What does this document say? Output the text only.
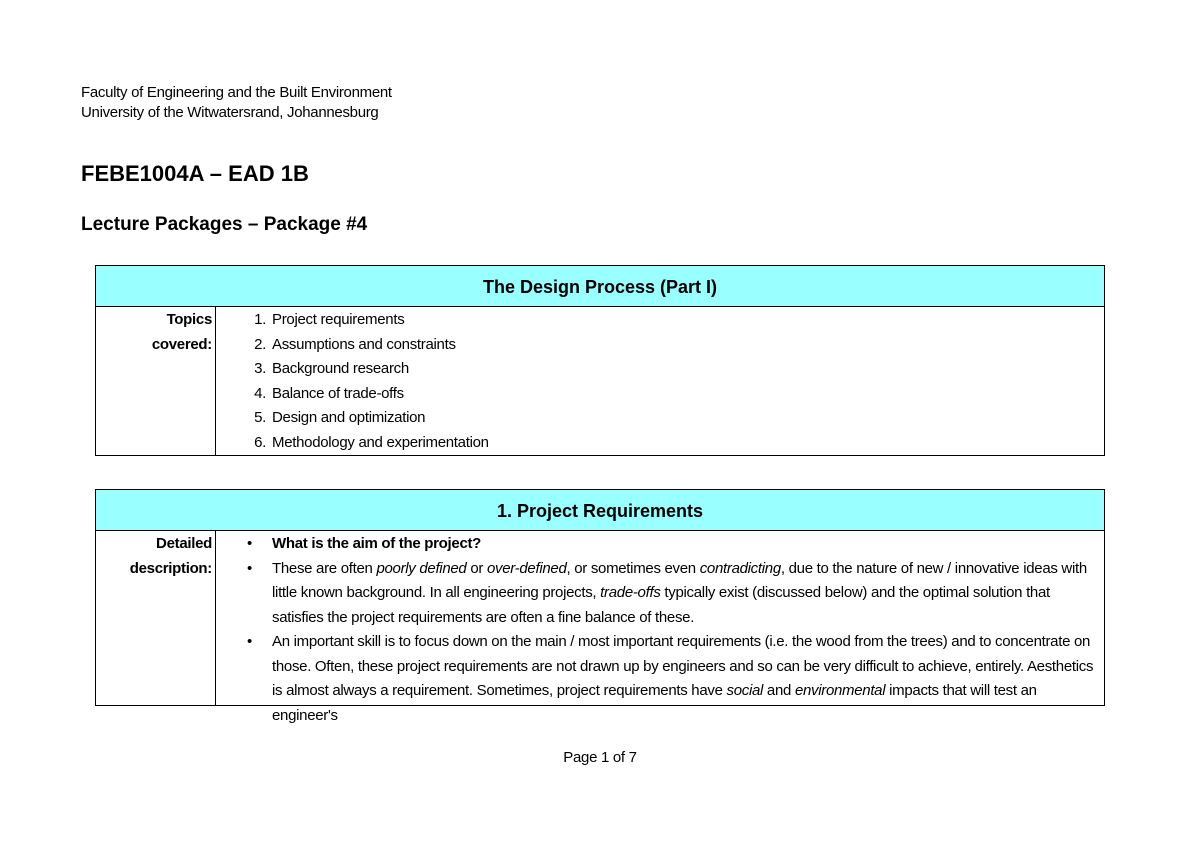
Faculty of Engineering and the Built Environment
University of the Witwatersrand, Johannesburg
FEBE1004A – EAD 1B
Lecture Packages – Package #4
The Design Process (Part I)
Topics
covered:
1. Project requirements
2. Assumptions and constraints
3. Background research
4. Balance of trade-offs
5. Design and optimization
6. Methodology and experimentation
1. Project Requirements
Detailed
description:
• What is the aim of the project?
• These are often poorly defined or over-defined, or sometimes even contradicting, due to the nature of new / innovative ideas with little known background. In all engineering projects, trade-offs typically exist (discussed below) and the optimal solution that satisfies the project requirements are often a fine balance of these.
• An important skill is to focus down on the main / most important requirements (i.e. the wood from the trees) and to concentrate on those. Often, these project requirements are not drawn up by engineers and so can be very difficult to achieve, entirely. Aesthetics is almost always a requirement. Sometimes, project requirements have social and environmental impacts that will test an engineer's
Page 1 of 7
